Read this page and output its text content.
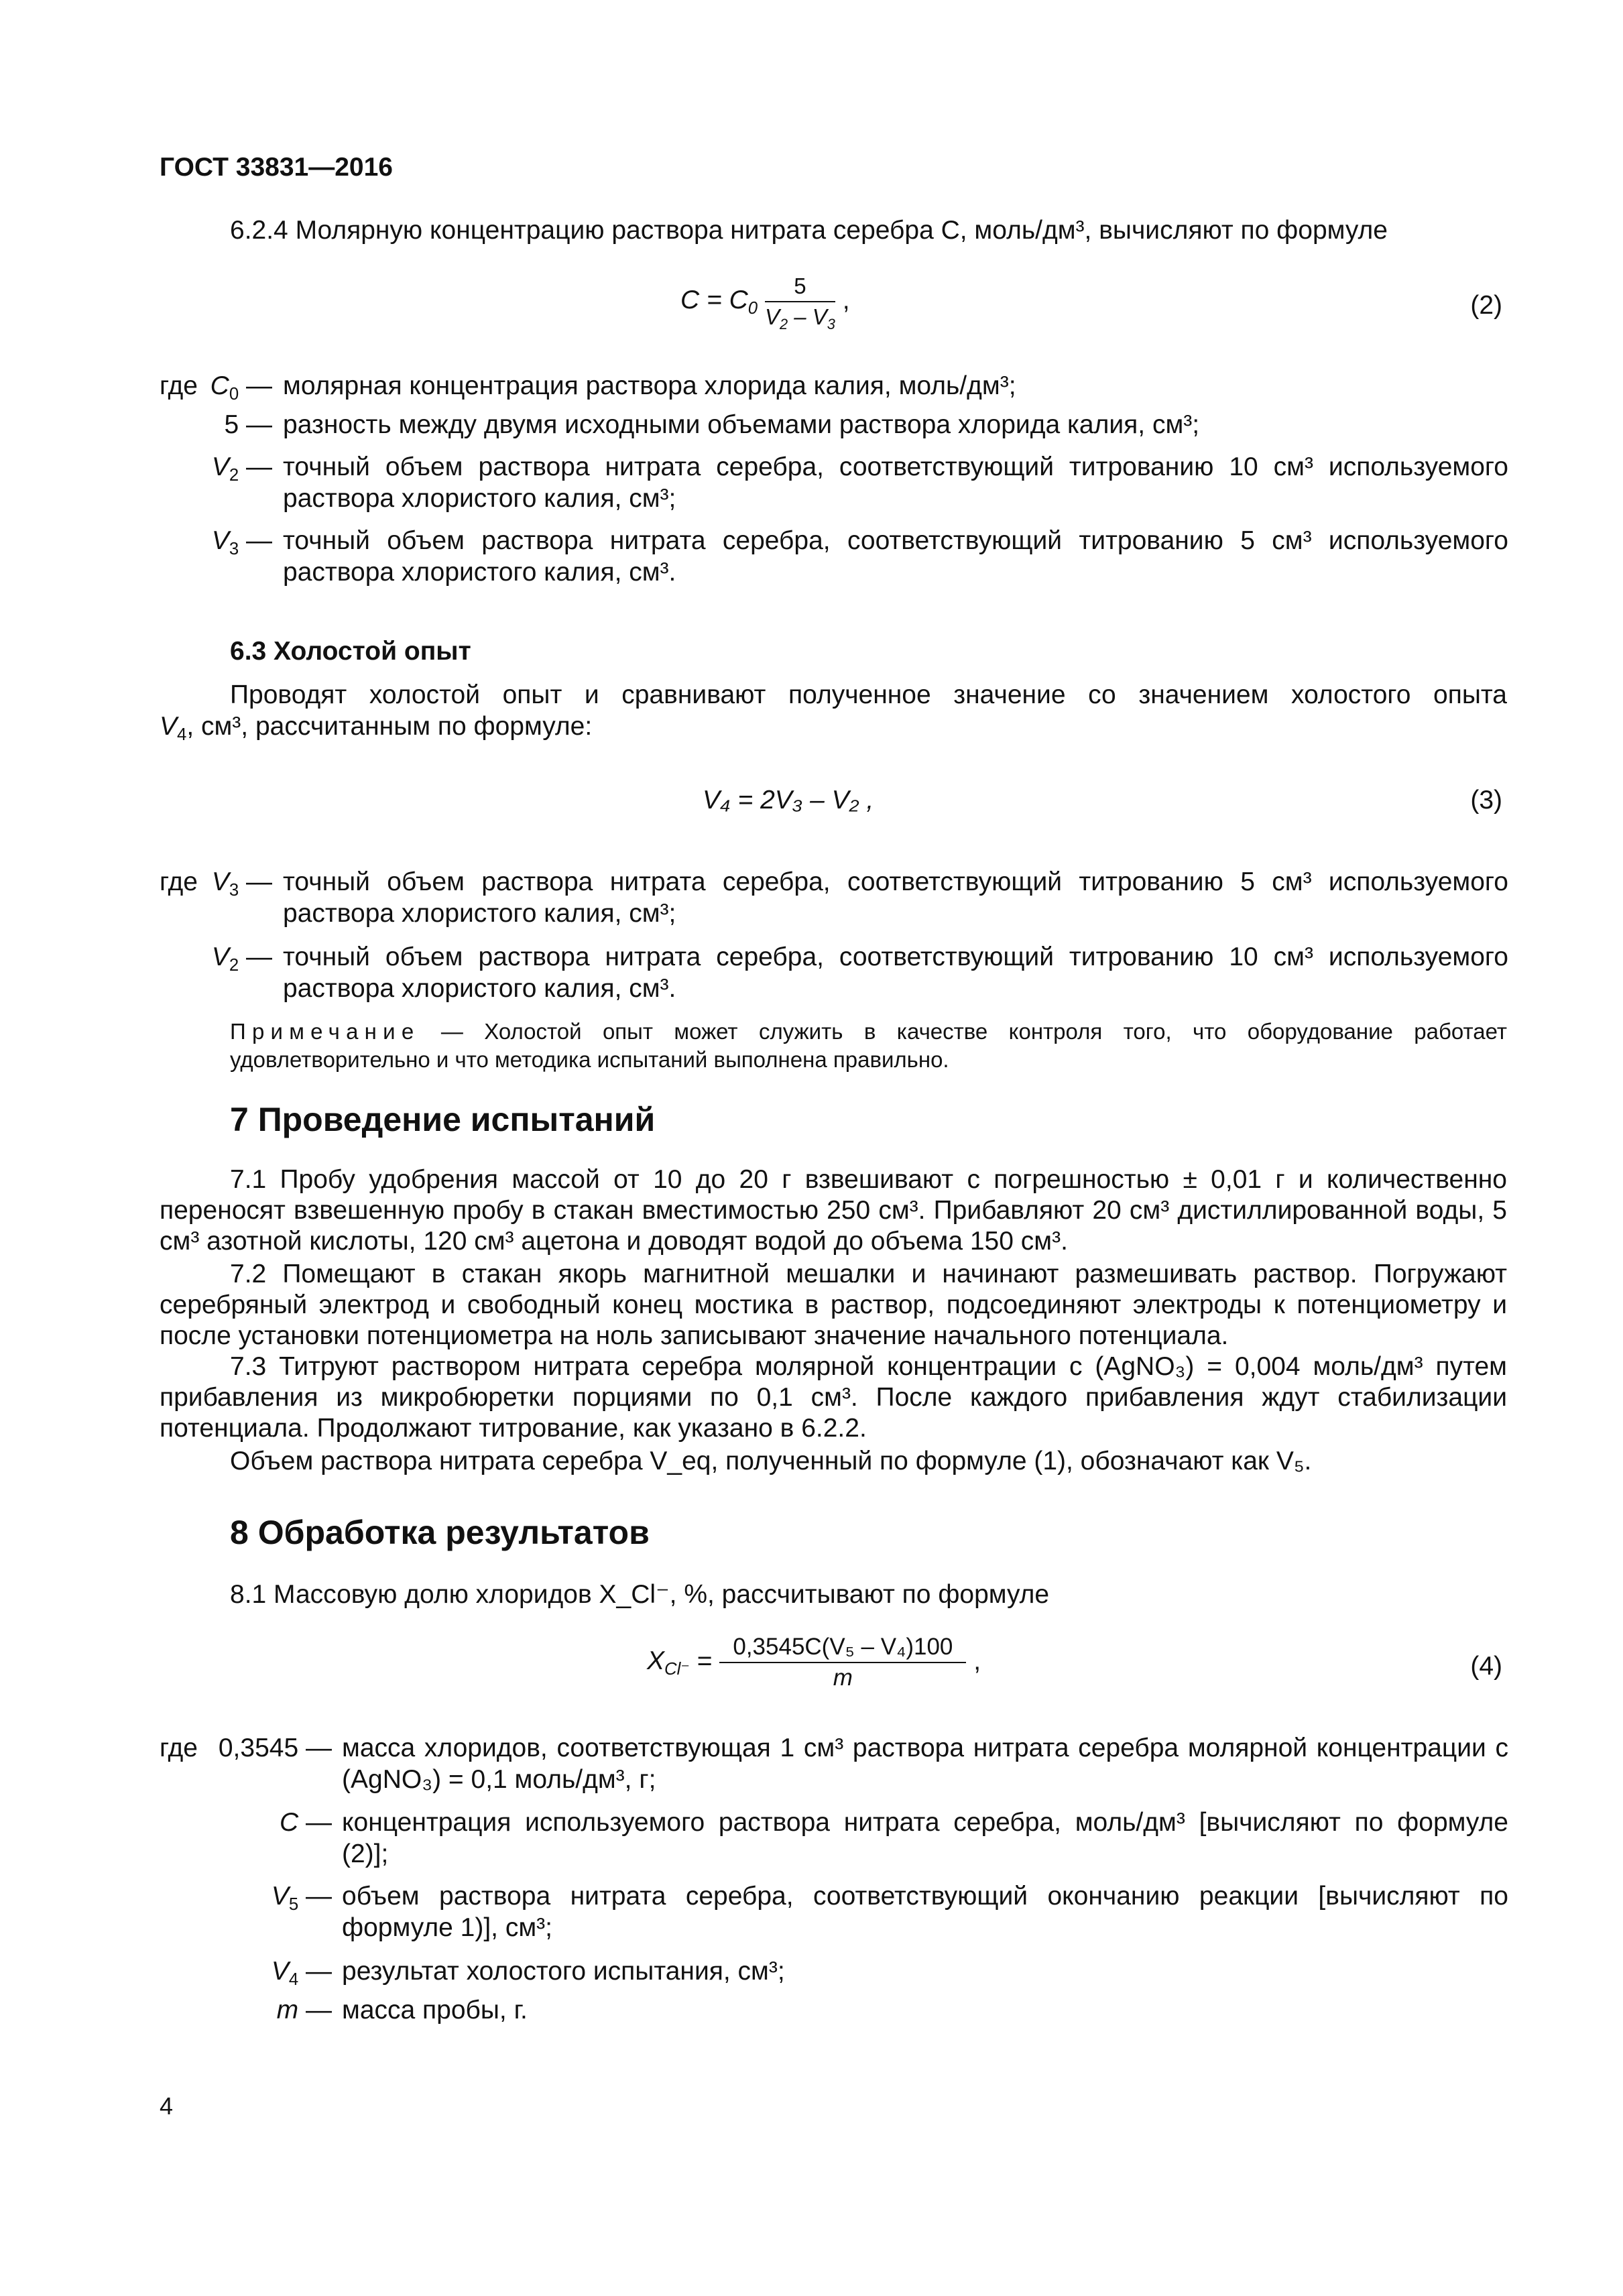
ГОСТ 33831—2016
6.2.4 Молярную концентрацию раствора нитрата серебра C, моль/дм³, вычисляют по формуле
$C = C_0 \frac{5}{V_2 - V_3}$ ,	(2)
где $C_0$ — молярная концентрация раствора хлорида калия, моль/дм³;
5 — разность между двумя исходными объемами раствора хлорида калия, см³;
$V_2$ — точный объем раствора нитрата серебра, соответствующий титрованию 10 см³ используемого раствора хлористого калия, см³;
$V_3$ — точный объем раствора нитрата серебра, соответствующий титрованию 5 см³ используемого раствора хлористого калия, см³.
6.3 Холостой опыт
Проводят холостой опыт и сравнивают полученное значение со значением холостого опыта
$V_4$, см³, рассчитанным по формуле:
V₄ = 2V₃ – V₂ ,	(3)
где $V_3$ — точный объем раствора нитрата серебра, соответствующий титрованию 5 см³ используемого раствора хлористого калия, см³;
$V_2$ — точный объем раствора нитрата серебра, соответствующий титрованию 10 см³ используемого раствора хлористого калия, см³.
Примечание — Холостой опыт может служить в качестве контроля того, что оборудование работает удовлетворительно и что методика испытаний выполнена правильно.
7 Проведение испытаний
7.1 Пробу удобрения массой от 10 до 20 г взвешивают с погрешностью ± 0,01 г и количественно переносят взвешенную пробу в стакан вместимостью 250 см³. Прибавляют 20 см³ дистиллированной воды, 5 см³ азотной кислоты, 120 см³ ацетона и доводят водой до объема 150 см³.
7.2 Помещают в стакан якорь магнитной мешалки и начинают размешивать раствор. Погружают серебряный электрод и свободный конец мостика в раствор, подсоединяют электроды к потенциометру и после установки потенциометра на ноль записывают значение начального потенциала.
7.3 Титруют раствором нитрата серебра молярной концентрации c (AgNO₃) = 0,004 моль/дм³ путем прибавления из микробюретки порциями по 0,1 см³. После каждого прибавления ждут стабилизации потенциала. Продолжают титрование, как указано в 6.2.2.
Объем раствора нитрата серебра V_eq, полученный по формуле (1), обозначают как V₅.
8 Обработка результатов
8.1 Массовую долю хлоридов X_Cl⁻, %, рассчитывают по формуле
$X_{Cl^-} = \frac{\text{0,3545C(V₅ – V₄)100}}{m}$ ,	(4)
где 0,3545 — масса хлоридов, соответствующая 1 см³ раствора нитрата серебра молярной концентрации c (AgNO₃) = 0,1 моль/дм³, г;
C — концентрация используемого раствора нитрата серебра, моль/дм³ [вычисляют по формуле (2)];
$V_5$ — объем раствора нитрата серебра, соответствующий окончанию реакции [вычисляют по формуле 1)], см³;
$V_4$ — результат холостого испытания, см³;
m — масса пробы, г.
4
